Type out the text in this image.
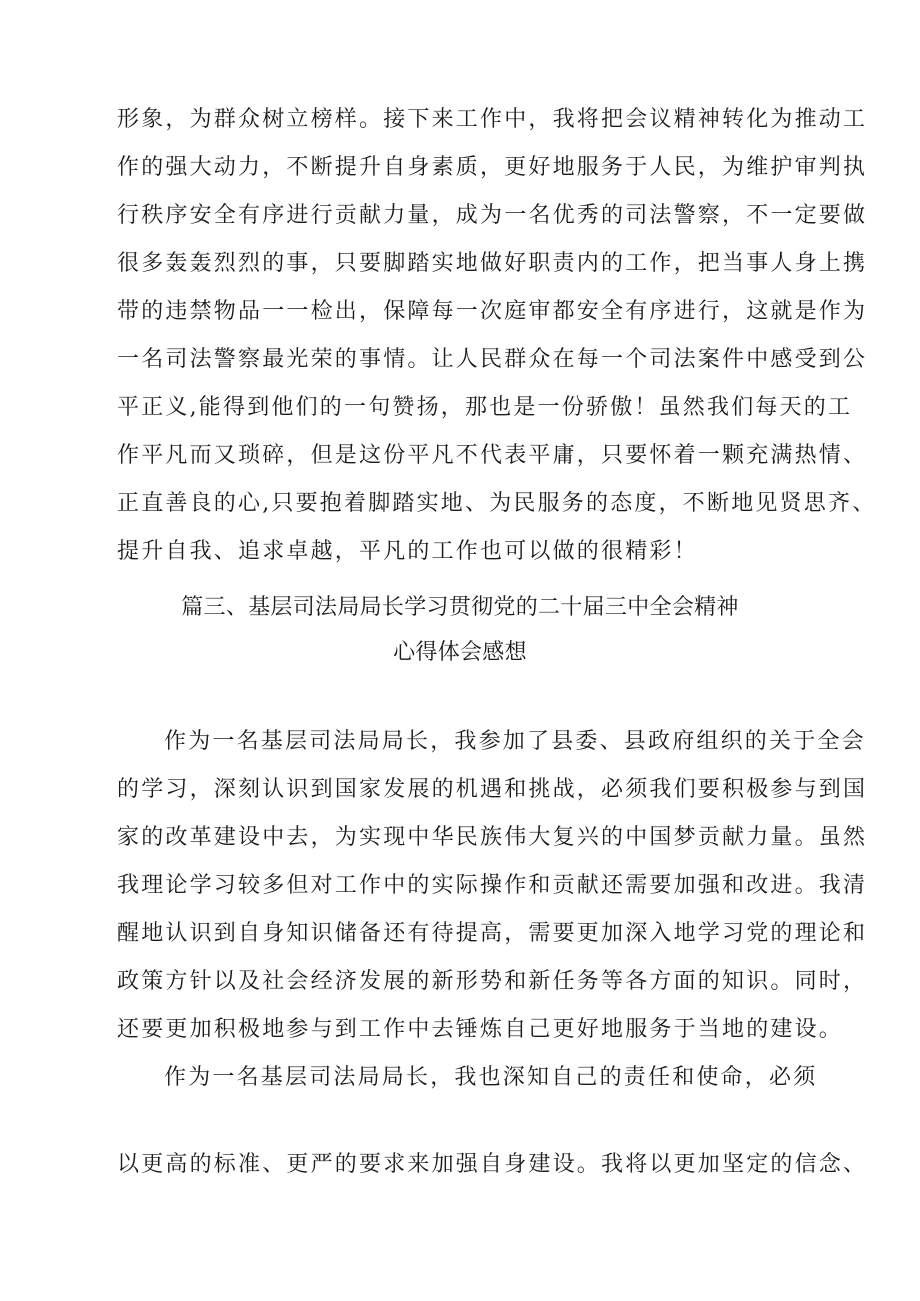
形象，为群众树立榜样。接下来工作中，我将把会议精神转化为推动工
作的强大动力，不断提升自身素质，更好地服务于人民，为维护审判执
行秩序安全有序进行贡献力量，成为一名优秀的司法警察，不一定要做
很多轰轰烈烈的事，只要脚踏实地做好职责内的工作，把当事人身上携
带的违禁物品一一检出，保障每一次庭审都安全有序进行，这就是作为
一名司法警察最光荣的事情。让人民群众在每一个司法案件中感受到公
平正义,能得到他们的一句赞扬，那也是一份骄傲！虽然我们每天的工
作平凡而又琐碎，但是这份平凡不代表平庸，只要怀着一颗充满热情、
正直善良的心,只要抱着脚踏实地、为民服务的态度，不断地见贤思齐、
提升自我、追求卓越，平凡的工作也可以做的很精彩！
篇三、基层司法局局长学习贯彻党的二十届三中全会精神
心得体会感想
作为一名基层司法局局长，我参加了县委、县政府组织的关于全会
的学习，深刻认识到国家发展的机遇和挑战，必须我们要积极参与到国
家的改革建设中去，为实现中华民族伟大复兴的中国梦贡献力量。虽然
我理论学习较多但对工作中的实际操作和贡献还需要加强和改进。我清
醒地认识到自身知识储备还有待提高，需要更加深入地学习党的理论和
政策方针以及社会经济发展的新形势和新任务等各方面的知识。同时，
还要更加积极地参与到工作中去锤炼自己更好地服务于当地的建设。
作为一名基层司法局局长，我也深知自己的责任和使命，必须
以更高的标准、更严的要求来加强自身建设。我将以更加坚定的信念、
